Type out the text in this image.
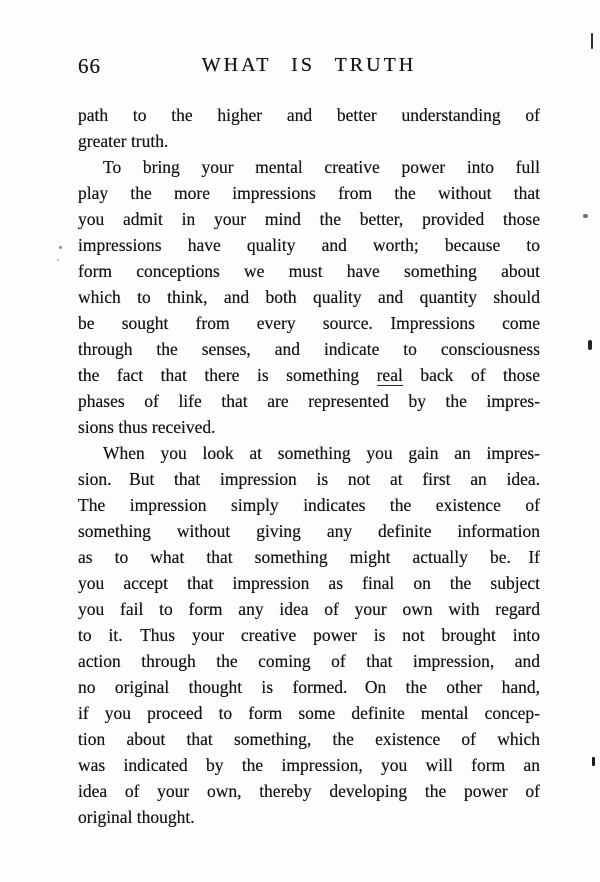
66	WHAT IS TRUTH
path to the higher and better understanding of
greater truth.
To bring your mental creative power into full
play the more impressions from the without that
you admit in your mind the better, provided those
impressions have quality and worth; because to
form conceptions we must have something about
which to think, and both quality and quantity should
be sought from every source. Impressions come
through the senses, and indicate to consciousness
the fact that there is something real back of those
phases of life that are represented by the impres-
sions thus received.
When you look at something you gain an impres-
sion. But that impression is not at first an idea.
The impression simply indicates the existence of
something without giving any definite information
as to what that something might actually be. If
you accept that impression as final on the subject
you fail to form any idea of your own with regard
to it. Thus your creative power is not brought into
action through the coming of that impression, and
no original thought is formed. On the other hand,
if you proceed to form some definite mental concep-
tion about that something, the existence of which
was indicated by the impression, you will form an
idea of your own, thereby developing the power of
original thought.
